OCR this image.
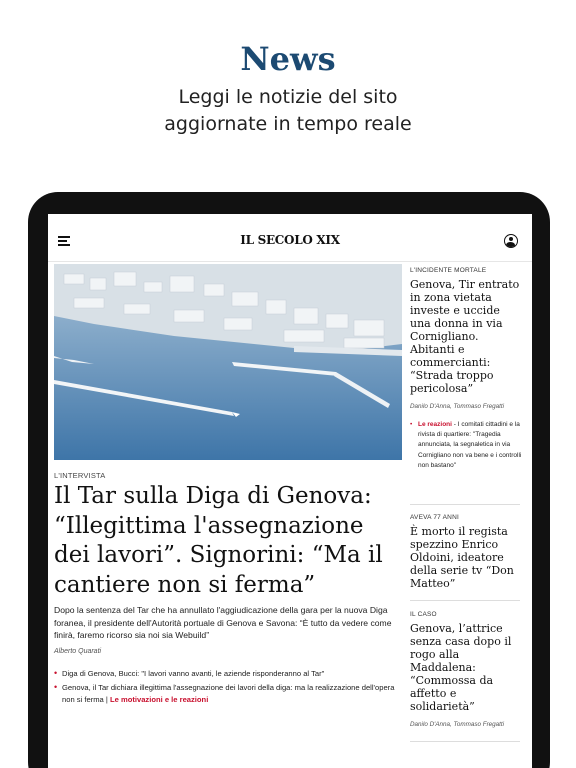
News
Leggi le notizie del sito
aggiornate in tempo reale
IL SECOLO XIX
L'INTERVISTA
Il Tar sulla Diga di Genova: “Illegittima l'assegnazione dei lavori”. Signorini: “Ma il cantiere non si ferma”

Dopo la sentenza del Tar che ha annullato l'aggiudicazione della gara per la nuova Diga foranea, il presidente dell'Autorità portuale di Genova e Savona: “È tutto da vedere come finirà, faremo ricorso sia noi sia Webuild”

Alberto Quarati
• Diga di Genova, Bucci: "I lavori vanno avanti, le aziende risponderanno al Tar"
• Genova, il Tar dichiara illegittima l'assegnazione dei lavori della diga: ma la realizzazione dell'opera non si ferma | Le motivazioni e le reazioni
L'INCIDENTE MORTALE
Genova, Tir entrato in zona vietata investe e uccide una donna in via Cornigliano. Abitanti e commercianti: “Strada troppo pericolosa”
Danilo D'Anna, Tommaso Fregatti
• Le reazioni - I comitati cittadini e la rivista di quartiere: "Tragedia annunciata, la segnaletica in via Cornigliano non va bene e i controlli non bastano"
AVEVA 77 ANNI
È morto il regista spezzino Enrico Oldoini, ideatore della serie tv “Don Matteo”
IL CASO
Genova, l’attrice senza casa dopo il rogo alla Maddalena: “Commossa da affetto e solidarietà”
Danilo D'Anna, Tommaso Fregatti
